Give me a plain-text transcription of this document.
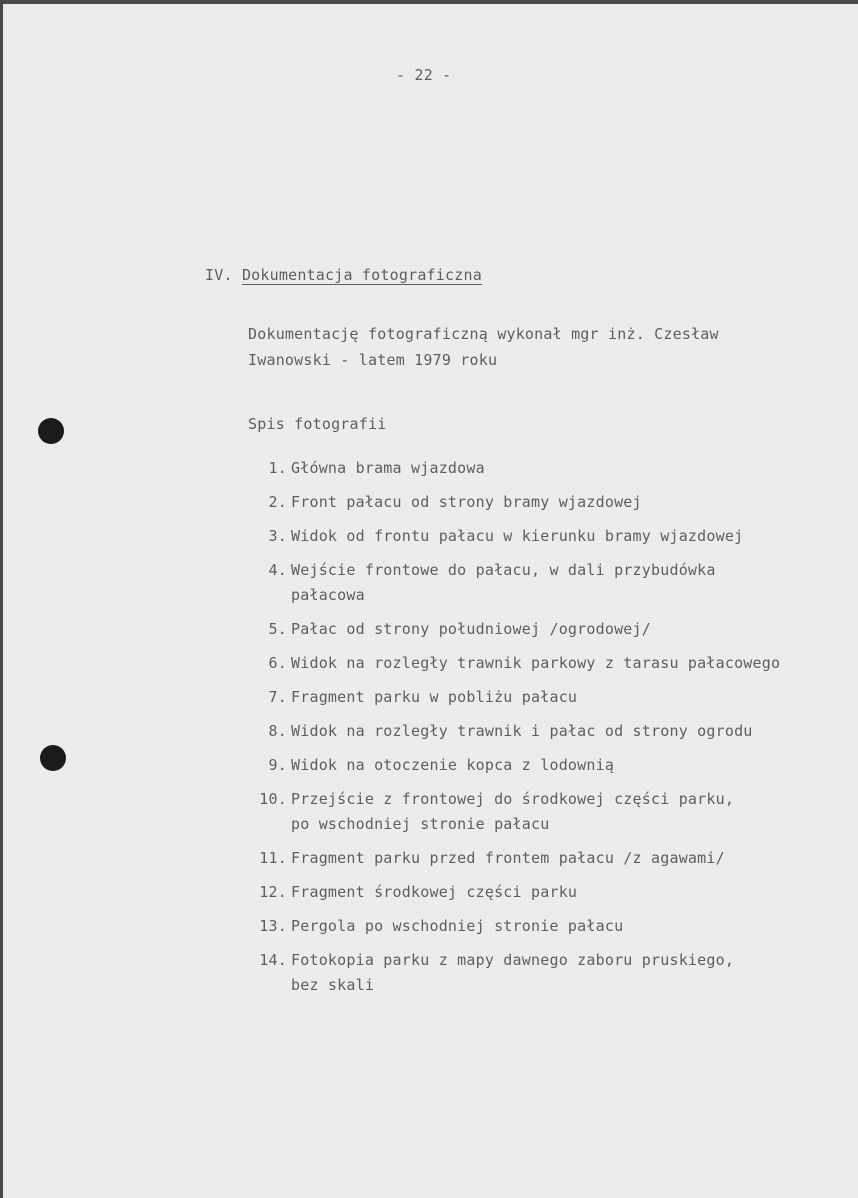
- 22 -
IV. Dokumentacja fotograficzna
Dokumentację fotograficzną wykonał mgr inż. Czesław
Iwanowski - latem 1979 roku
Spis fotografii
1. Główna brama wjazdowa
2. Front pałacu od strony bramy wjazdowej
3. Widok od frontu pałacu w kierunku bramy wjazdowej
4. Wejście frontowe do pałacu, w dali przybudówka
pałacowa
5. Pałac od strony południowej /ogrodowej/
6. Widok na rozległy trawnik parkowy z tarasu pałacowego
7. Fragment parku w pobliżu pałacu
8. Widok na rozległy trawnik i pałac od strony ogrodu
9. Widok na otoczenie kopca z lodownią
10. Przejście z frontowej do środkowej części parku,
po wschodniej stronie pałacu
11. Fragment parku przed frontem pałacu /z agawami/
12. Fragment środkowej części parku
13. Pergola po wschodniej stronie pałacu
14. Fotokopia parku z mapy dawnego zaboru pruskiego,
bez skali
